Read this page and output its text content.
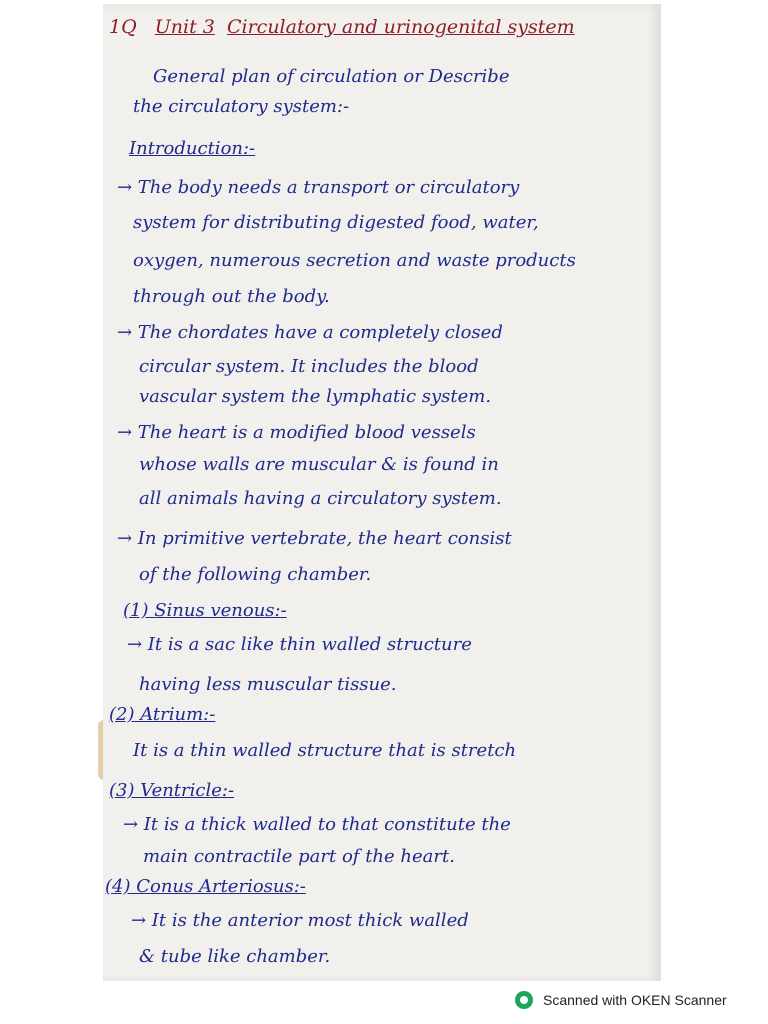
1Q Unit 3 Circulatory and urinogenital system
General plan of circulation or Describe
the circulatory system:-
Introduction:-
→ The body needs a transport or circulatory
system for distributing digested food, water,
oxygen, numerous secretion and waste products
through out the body.
→ The chordates have a completely closed
circular system. It includes the blood
vascular system the lymphatic system.
→ The heart is a modified blood vessels
whose walls are muscular & is found in
all animals having a circulatory system.
→ In primitive vertebrate, the heart consist
of the following chamber.
(1) Sinus venous:-
→ It is a sac like thin walled structure
having less muscular tissue.
(2) Atrium:-
It is a thin walled structure that is stretch
(3) Ventricle:-
→ It is a thick walled to that constitute the
main contractile part of the heart.
(4) Conus Arteriosus:-
→ It is the anterior most thick walled
& tube like chamber.
Scanned with OKEN Scanner
